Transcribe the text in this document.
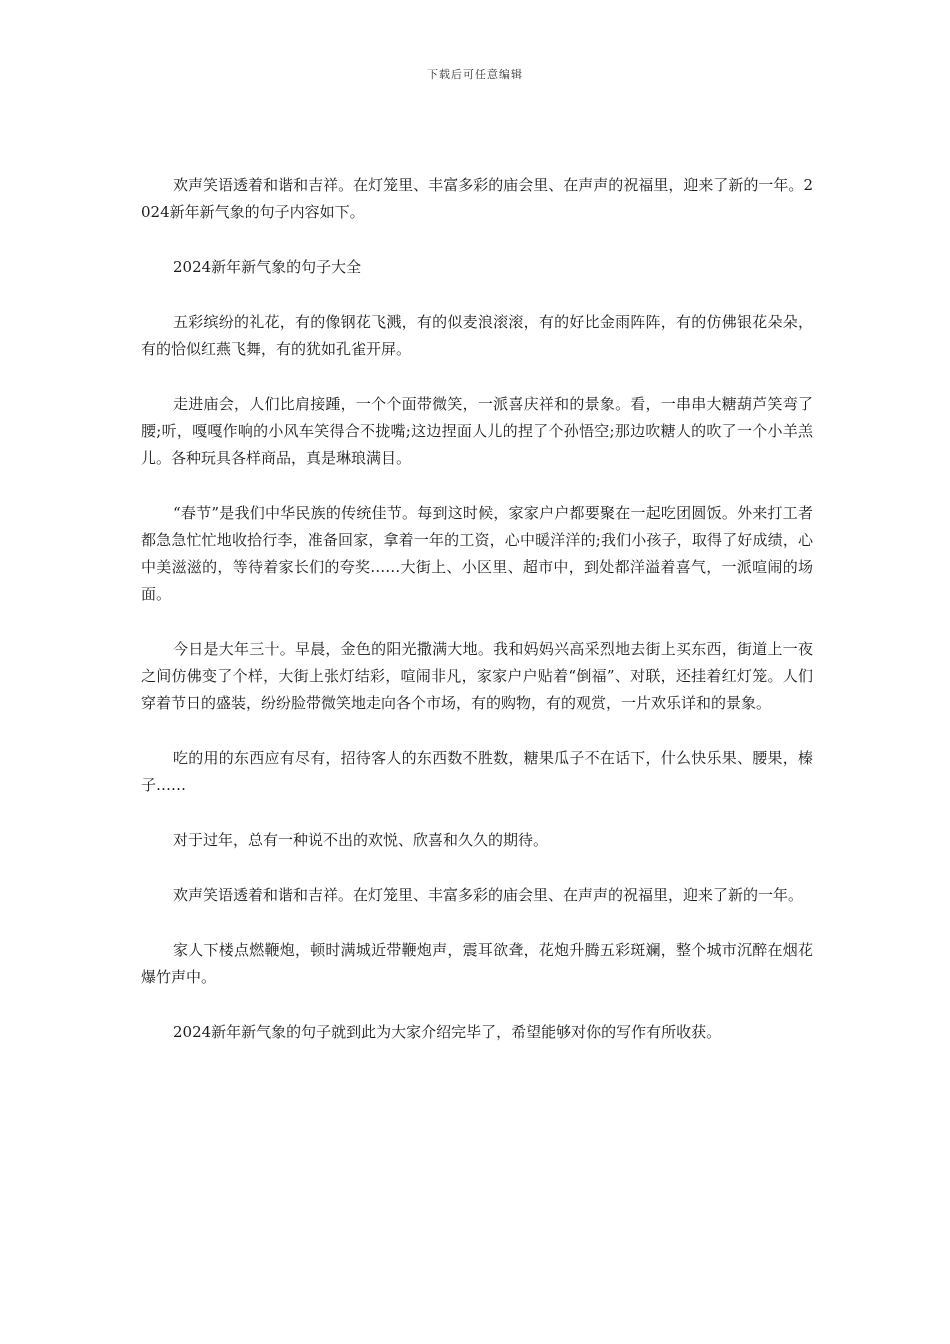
下载后可任意编辑

欢声笑语透着和谐和吉祥。在灯笼里、丰富多彩的庙会里、在声声的祝福里，迎来了新的一年。2024新年新气象的句子内容如下。

2024新年新气象的句子大全

五彩缤纷的礼花，有的像钢花飞溅，有的似麦浪滚滚，有的好比金雨阵阵，有的仿佛银花朵朵，有的恰似红燕飞舞，有的犹如孔雀开屏。

走进庙会，人们比肩接踵，一个个面带微笑，一派喜庆祥和的景象。看，一串串大糖葫芦笑弯了腰;听，嘎嘎作响的小风车笑得合不拢嘴;这边捏面人儿的捏了个孙悟空;那边吹糖人的吹了一个小羊羔儿。各种玩具各样商品，真是琳琅满目。

“春节”是我们中华民族的传统佳节。每到这时候，家家户户都要聚在一起吃团圆饭。外来打工者都急急忙忙地收拾行李，准备回家，拿着一年的工资，心中暖洋洋的;我们小孩子，取得了好成绩，心中美滋滋的，等待着家长们的夸奖……大街上、小区里、超市中，到处都洋溢着喜气，一派喧闹的场面。

今日是大年三十。早晨，金色的阳光撒满大地。我和妈妈兴高采烈地去街上买东西，街道上一夜之间仿佛变了个样，大街上张灯结彩，喧闹非凡，家家户户贴着“倒福”、对联，还挂着红灯笼。人们穿着节日的盛装，纷纷脸带微笑地走向各个市场，有的购物，有的观赏，一片欢乐详和的景象。

吃的用的东西应有尽有，招待客人的东西数不胜数，糖果瓜子不在话下，什么快乐果、腰果，榛子……

对于过年，总有一种说不出的欢悦、欣喜和久久的期待。

欢声笑语透着和谐和吉祥。在灯笼里、丰富多彩的庙会里、在声声的祝福里，迎来了新的一年。

家人下楼点燃鞭炮，顿时满城近带鞭炮声，震耳欲聋，花炮升腾五彩斑斓，整个城市沉醉在烟花爆竹声中。

2024新年新气象的句子就到此为大家介绍完毕了，希望能够对你的写作有所收获。
